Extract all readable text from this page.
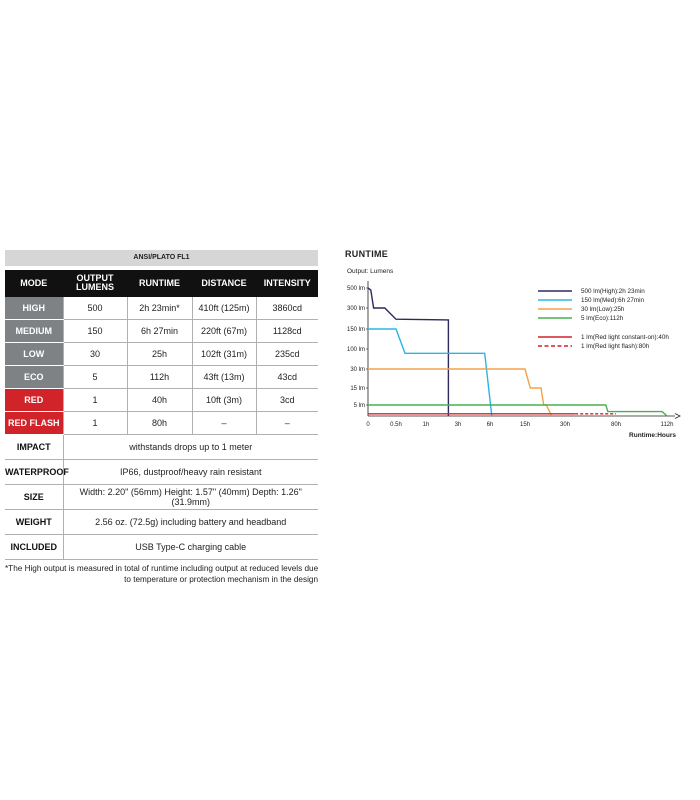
ANSI/PLATO FL1
MODE	OUTPUT LUMENS	RUNTIME	DISTANCE	INTENSITY
HIGH	500	2h 23min*	410ft (125m)	3860cd
MEDIUM	150	6h 27min	220ft (67m)	1128cd
LOW	30	25h	102ft (31m)	235cd
ECO	5	112h	43ft (13m)	43cd
RED	1	40h	10ft (3m)	3cd
RED FLASH	1	80h	–	–
IMPACT	withstands drops up to 1 meter			
WATERPROOF	IP66, dustproof/heavy rain resistant			
SIZE	Width: 2.20" (56mm) Height: 1.57" (40mm) Depth: 1.26" (31.9mm)			
WEIGHT	2.56 oz. (72.5g) including battery and headband			
INCLUDED	USB Type-C charging cable			
*The High output is measured in total of runtime including output at reduced levels due
to temperature or protection mechanism in the design
RUNTIME
Output: Lumens
500 lm
300 lm
150 lm
100 lm
30 lm
15 lm
5 lm
0	0.5h	1h	3h	6h	15h	30h	80h	112h
Runtime:Hours
500 lm(High):2h 23min
150 lm(Med):6h 27min
30 lm(Low):25h
5 lm(Eco):112h
1 lm(Red light constant-on):40h
1 lm(Red light flash):80h
